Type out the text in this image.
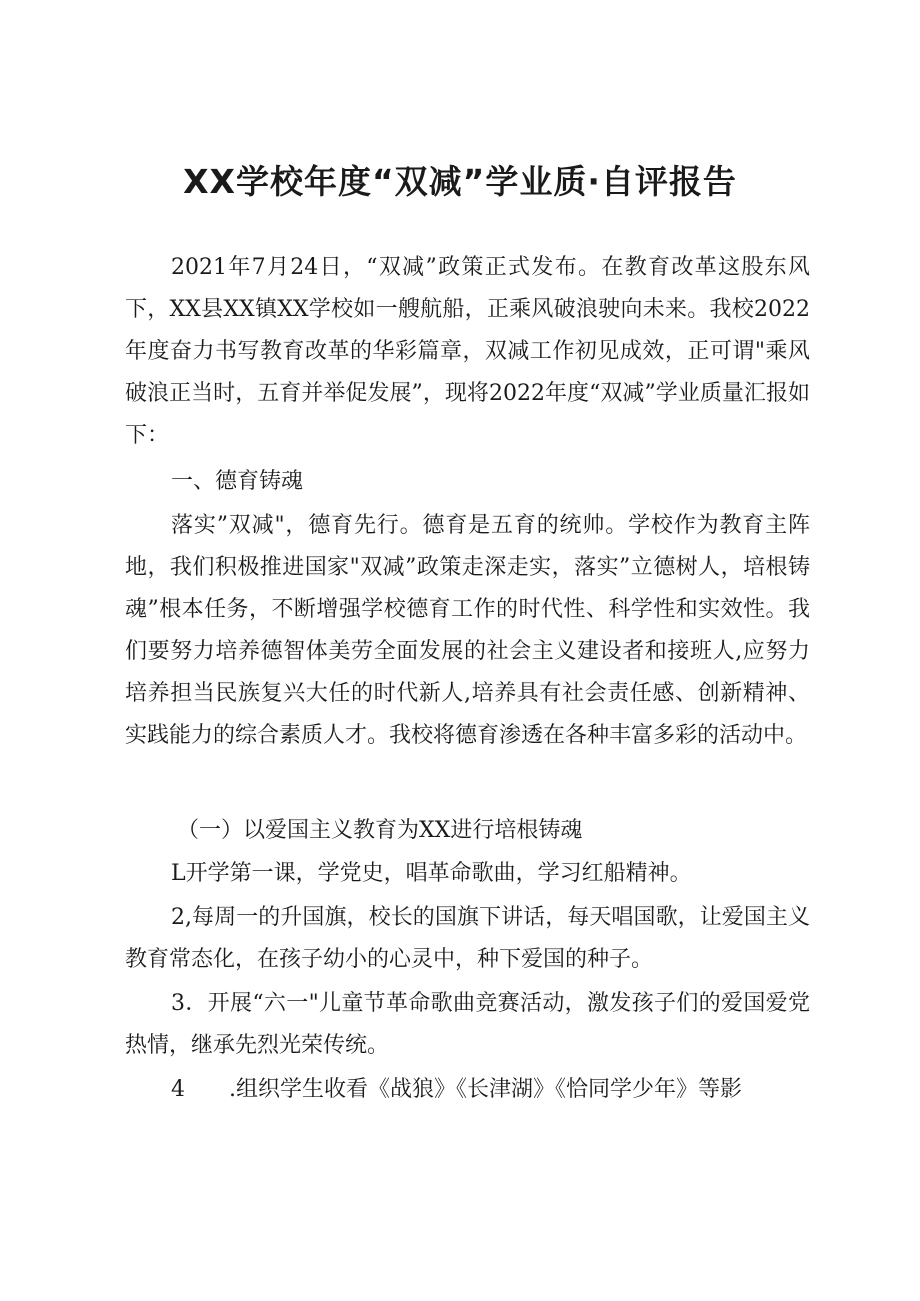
XX学校年度“双减”学业质·自评报告

2021年7月24日，“双减”政策正式发布。在教育改革这股东风下，XX县XX镇XX学校如一艘航船，正乘风破浪驶向未来。我校2022年度奋力书写教育改革的华彩篇章，双减工作初见成效，正可谓"乘风破浪正当时，五育并举促发展”，现将2022年度“双减”学业质量汇报如下：

一、德育铸魂

落实”双减"，德育先行。德育是五育的统帅。学校作为教育主阵地，我们积极推进国家"双减”政策走深走实，落实”立德树人，培根铸魂”根本任务，不断增强学校德育工作的时代性、科学性和实效性。我们要努力培养德智体美劳全面发展的社会主义建设者和接班人,应努力培养担当民族复兴大任的时代新人,培养具有社会责任感、创新精神、实践能力的综合素质人才。我校将德育渗透在各种丰富多彩的活动中。

（一）以爱国主义教育为XX进行培根铸魂

L开学第一课，学党史，唱革命歌曲，学习红船精神。

2,每周一的升国旗，校长的国旗下讲话，每天唱国歌，让爱国主义教育常态化，在孩子幼小的心灵中，种下爱国的种子。

3．开展“六一"儿童节革命歌曲竞赛活动，激发孩子们的爱国爱党热情，继承先烈光荣传统。

4　　.组织学生收看《战狼》《长津湖》《恰同学少年》等影
